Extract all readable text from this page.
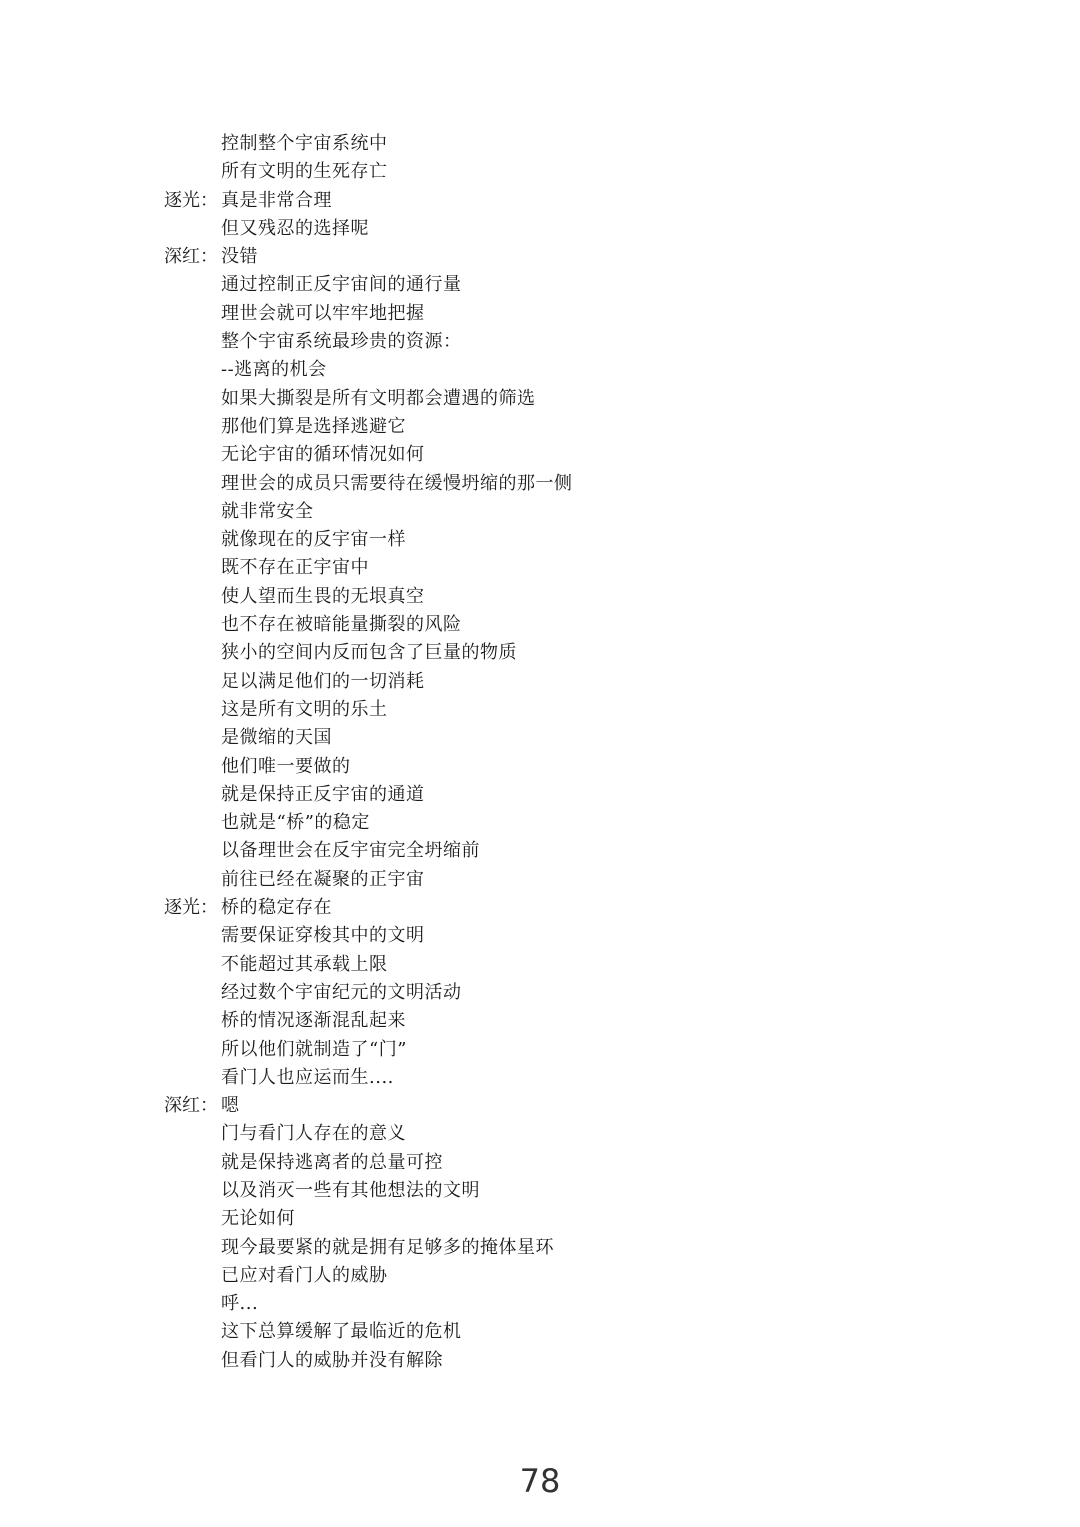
控制整个宇宙系统中
所有文明的生死存亡
逐光： 真是非常合理
但又残忍的选择呢
深红： 没错
通过控制正反宇宙间的通行量
理世会就可以牢牢地把握
整个宇宙系统最珍贵的资源：
--逃离的机会
如果大撕裂是所有文明都会遭遇的筛选
那他们算是选择逃避它
无论宇宙的循环情况如何
理世会的成员只需要待在缓慢坍缩的那一侧
就非常安全
就像现在的反宇宙一样
既不存在正宇宙中
使人望而生畏的无垠真空
也不存在被暗能量撕裂的风险
狭小的空间内反而包含了巨量的物质
足以满足他们的一切消耗
这是所有文明的乐土
是微缩的天国
他们唯一要做的
就是保持正反宇宙的通道
也就是“桥”的稳定
以备理世会在反宇宙完全坍缩前
前往已经在凝聚的正宇宙
逐光： 桥的稳定存在
需要保证穿梭其中的文明
不能超过其承载上限
经过数个宇宙纪元的文明活动
桥的情况逐渐混乱起来
所以他们就制造了“门”
看门人也应运而生....
深红： 嗯
门与看门人存在的意义
就是保持逃离者的总量可控
以及消灭一些有其他想法的文明
无论如何
现今最要紧的就是拥有足够多的掩体星环
已应对看门人的威胁
呼...
这下总算缓解了最临近的危机
但看门人的威胁并没有解除
78
